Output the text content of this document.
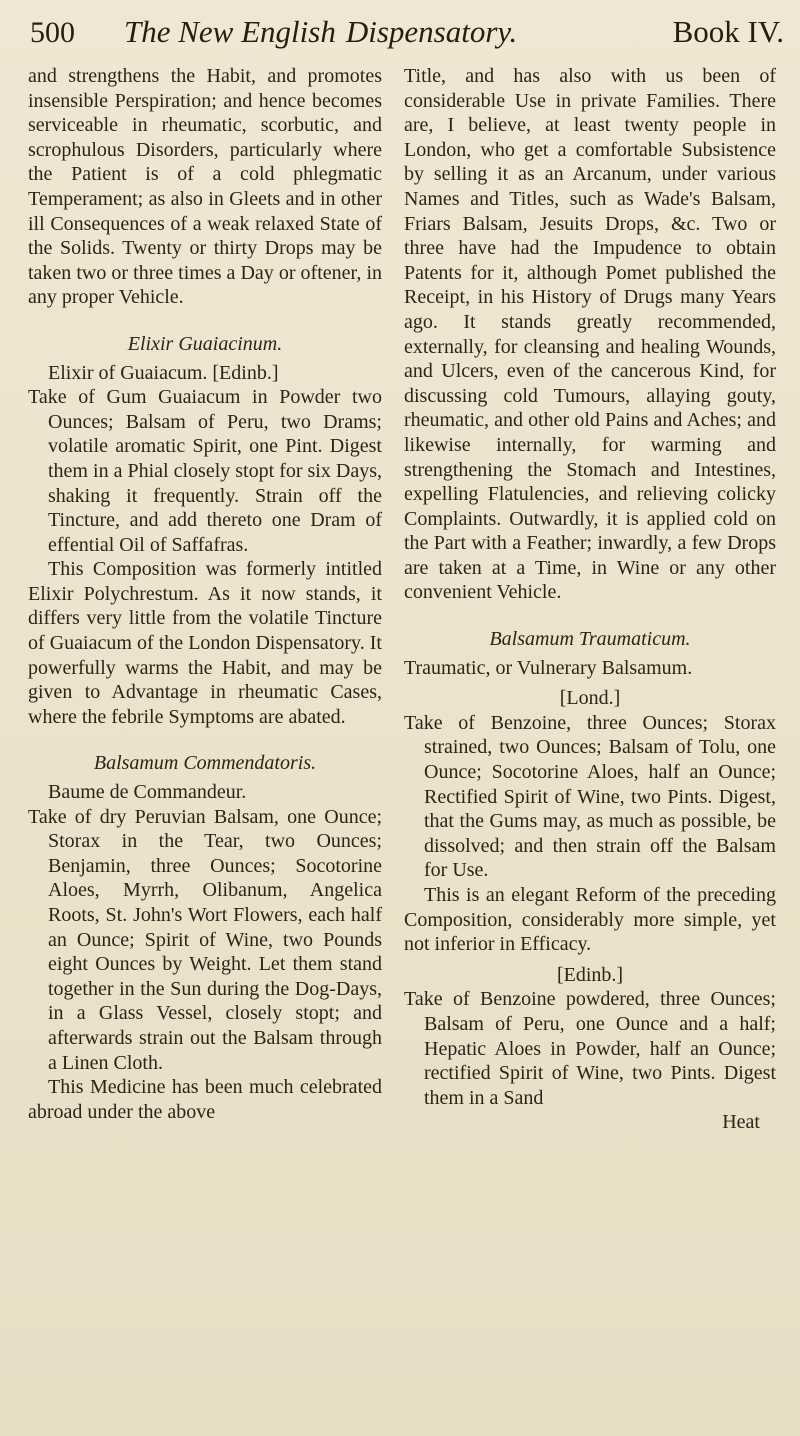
500	The New English Dispensatory.	Book IV.

and strengthens the Habit, and promotes insensible Perspiration; and hence becomes serviceable in rheumatic, scorbutic, and scrophulous Disorders, particularly where the Patient is of a cold phlegmatic Temperament; as also in Gleets and in other ill Consequences of a weak relaxed State of the Solids. Twenty or thirty Drops may be taken two or three times a Day or oftener, in any proper Vehicle.

Elixir Guaiacinum.

Elixir of Guaiacum. [Edinb.]

Take of Gum Guaiacum in Powder two Ounces; Balsam of Peru, two Drams; volatile aromatic Spirit, one Pint. Digest them in a Phial closely stopt for six Days, shaking it frequently. Strain off the Tincture, and add thereto one Dram of effential Oil of Saffafras.

This Composition was formerly intitled Elixir Polychrestum. As it now stands, it differs very little from the volatile Tincture of Guaiacum of the London Dispensatory. It powerfully warms the Habit, and may be given to Advantage in rheumatic Cases, where the febrile Symptoms are abated.

Balsamum Commendatoris.

Baume de Commandeur.

Take of dry Peruvian Balsam, one Ounce; Storax in the Tear, two Ounces; Benjamin, three Ounces; Socotorine Aloes, Myrrh, Olibanum, Angelica Roots, St. John's Wort Flowers, each half an Ounce; Spirit of Wine, two Pounds eight Ounces by Weight. Let them stand together in the Sun during the Dog-Days, in a Glass Vessel, closely stopt; and afterwards strain out the Balsam through a Linen Cloth.

This Medicine has been much celebrated abroad under the above

Title, and has also with us been of considerable Use in private Families. There are, I believe, at least twenty people in London, who get a comfortable Subsistence by selling it as an Arcanum, under various Names and Titles, such as Wade's Balsam, Friars Balsam, Jesuits Drops, &c. Two or three have had the Impudence to obtain Patents for it, although Pomet published the Receipt, in his History of Drugs many Years ago. It stands greatly recommended, externally, for cleansing and healing Wounds, and Ulcers, even of the cancerous Kind, for discussing cold Tumours, allaying gouty, rheumatic, and other old Pains and Aches; and likewise internally, for warming and strengthening the Stomach and Intestines, expelling Flatulencies, and relieving colicky Complaints. Outwardly, it is applied cold on the Part with a Feather; inwardly, a few Drops are taken at a Time, in Wine or any other convenient Vehicle.

Balsamum Traumaticum.

Traumatic, or Vulnerary Balsamum.

[Lond.]

Take of Benzoine, three Ounces; Storax strained, two Ounces; Balsam of Tolu, one Ounce; Socotorine Aloes, half an Ounce; Rectified Spirit of Wine, two Pints. Digest, that the Gums may, as much as possible, be dissolved; and then strain off the Balsam for Use.

This is an elegant Reform of the preceding Composition, considerably more simple, yet not inferior in Efficacy.

[Edinb.]

Take of Benzoine powdered, three Ounces; Balsam of Peru, one Ounce and a half; Hepatic Aloes in Powder, half an Ounce; rectified Spirit of Wine, two Pints. Digest them in a Sand

Heat
